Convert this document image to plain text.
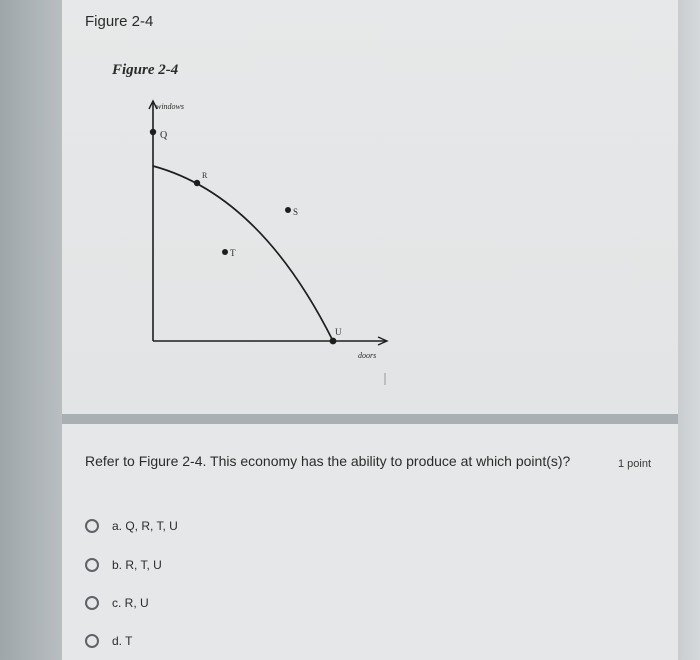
Figure 2-4
Figure 2-4
windows
Q
R
S
T
U
doors
Refer to Figure 2-4. This economy has the ability to produce at which point(s)?	1 point
a. Q, R, T, U
b. R, T, U
c. R, U
d. T
